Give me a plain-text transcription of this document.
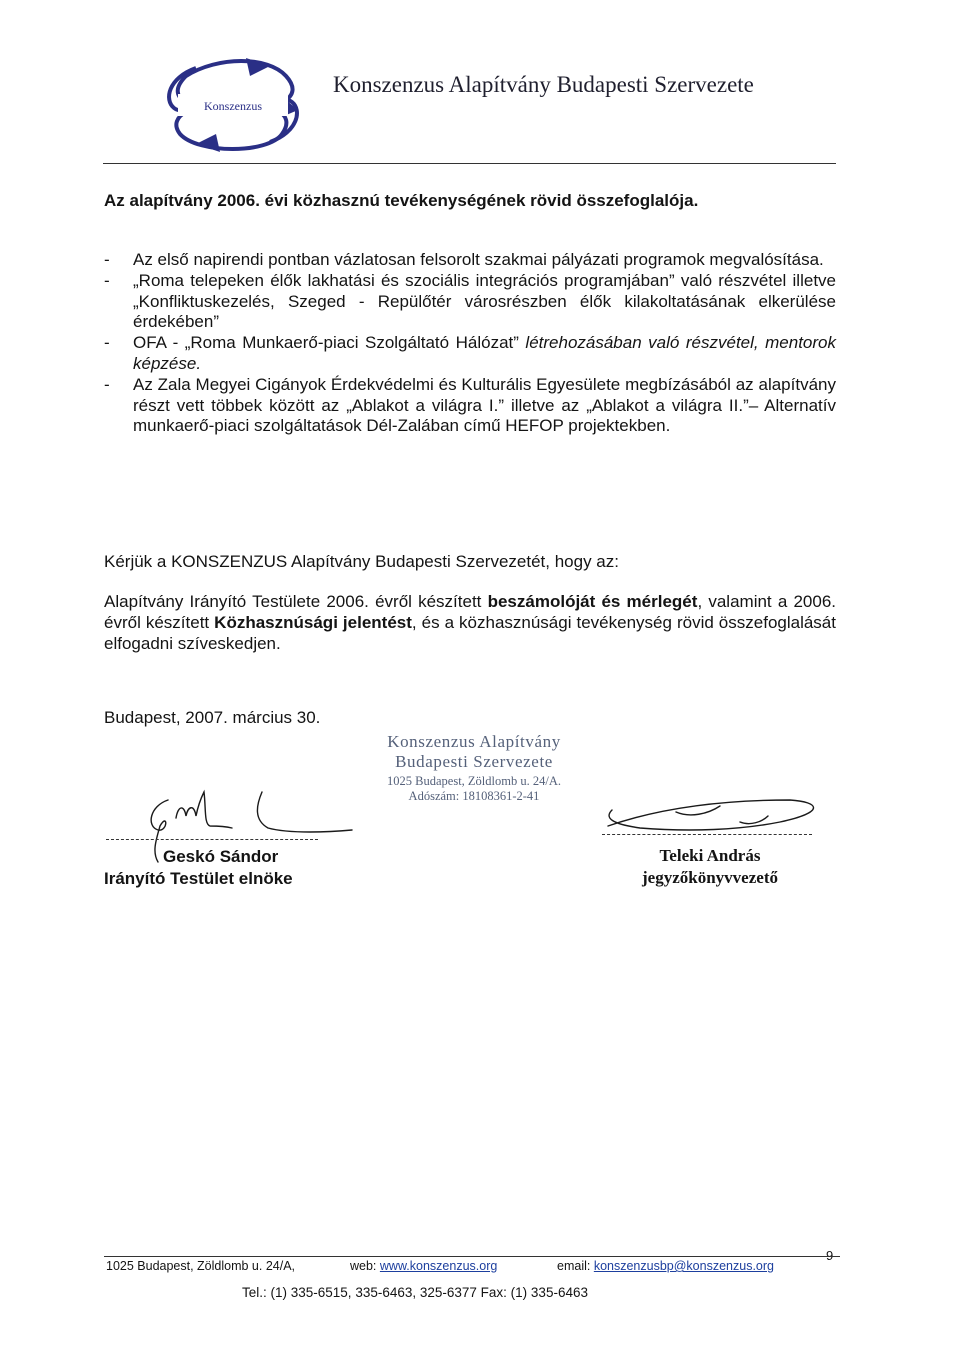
Konszenzus
Konszenzus Alapítvány Budapesti Szervezete
Az alapítvány 2006. évi közhasznú tevékenységének rövid összefoglalója.
- Az első napirendi pontban vázlatosan felsorolt szakmai pályázati programok megvalósítása.
- „Roma telepeken élők lakhatási és szociális integrációs programjában” való részvétel illetve „Konfliktuskezelés, Szeged - Repülőtér városrészben élők kilakoltatásának elkerülése érdekében”
- OFA - „Roma Munkaerő-piaci Szolgáltató Hálózat” létrehozásában való részvétel, mentorok képzése.
- Az Zala Megyei Cigányok Érdekvédelmi és Kulturális Egyesülete megbízásából az alapítvány részt vett többek között az „Ablakot a világra I.” illetve az „Ablakot a világra II.”– Alternatív munkaerő-piaci szolgáltatások Dél-Zalában című HEFOP projektekben.
Kérjük a KONSZENZUS Alapítvány Budapesti Szervezetét, hogy az:
Alapítvány Irányító Testülete 2006. évről készített beszámolóját és mérlegét, valamint a 2006. évről készített Közhasznúsági jelentést, és a közhasznúsági tevékenység rövid összefoglalását elfogadni szíveskedjen.
Budapest, 2007. március 30.
Konszenzus Alapítvány
Budapesti Szervezete
1025 Budapest, Zöldlomb u. 24/A.
Adószám: 18108361-2-41
Geskó Sándor
Irányító Testület elnöke
Teleki András
jegyzőkönyvvezető
9
1025 Budapest, Zöldlomb u. 24/A,	web: www.konszenzus.org	email: konszenzusbp@konszenzus.org
Tel.: (1) 335-6515, 335-6463, 325-6377 Fax: (1) 335-6463
